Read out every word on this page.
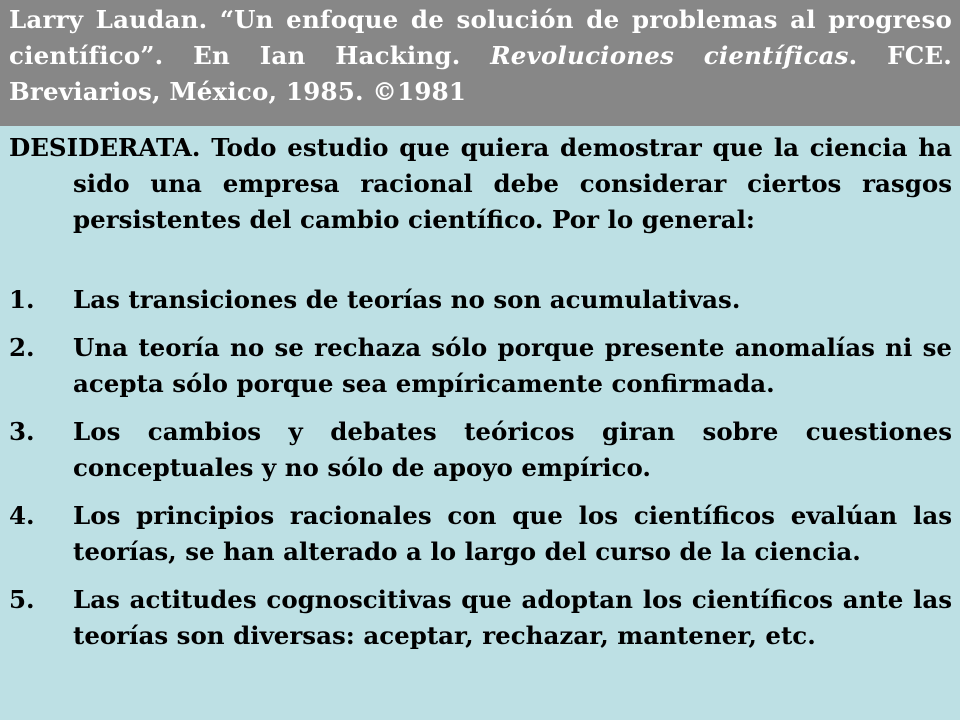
Larry Laudan. “Un enfoque de solución de problemas al progreso científico”. En Ian Hacking. Revoluciones científicas. FCE. Breviarios, México, 1985. ©1981

DESIDERATA. Todo estudio que quiera demostrar que la ciencia ha sido una empresa racional debe considerar ciertos rasgos persistentes del cambio científico. Por lo general:

1.	Las transiciones de teorías no son acumulativas.
2.	Una teoría no se rechaza sólo porque presente anomalías ni se acepta sólo porque sea empíricamente confirmada.
3.	Los cambios y debates teóricos giran sobre cuestiones conceptuales y no sólo de apoyo empírico.
4.	Los principios racionales con que los científicos evalúan las teorías, se han alterado a lo largo del curso de la ciencia.
5.	Las actitudes cognoscitivas que adoptan los científicos ante las teorías son diversas: aceptar, rechazar, mantener, etc.
